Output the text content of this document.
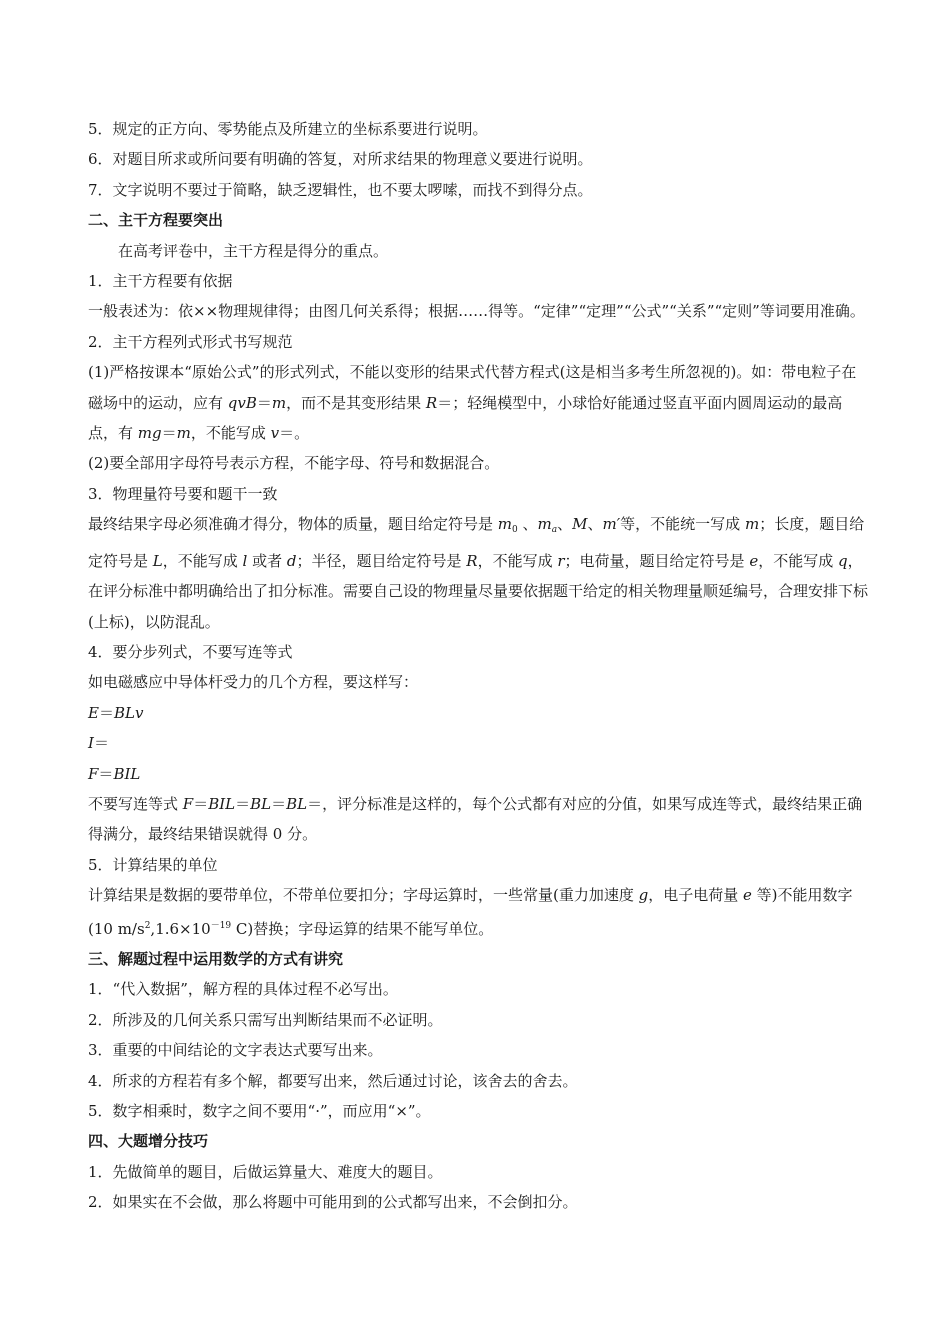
5．规定的正方向、零势能点及所建立的坐标系要进行说明。

6．对题目所求或所问要有明确的答复，对所求结果的物理意义要进行说明。

7．文字说明不要过于简略，缺乏逻辑性，也不要太啰嗦，而找不到得分点。

二、主干方程要突出

在高考评卷中，主干方程是得分的重点。

1．主干方程要有依据

一般表述为：依××物理规律得；由图几何关系得；根据……得等。“定律”“定理”“公式”“关系”“定则”等词要用准确。

2．主干方程列式形式书写规范

(1)严格按课本“原始公式”的形式列式，不能以变形的结果式代替方程式(这是相当多考生所忽视的)。如：带电粒子在磁场中的运动，应有 qvB＝m，而不是其变形结果 R＝；轻绳模型中，小球恰好能通过竖直平面内圆周运动的最高点，有 mg＝m，不能写成 v＝。

(2)要全部用字母符号表示方程，不能字母、符号和数据混合。

3．物理量符号要和题干一致

最终结果字母必须准确才得分，物体的质量，题目给定符号是 $m_0$ 、$m_a$、M、m′等，不能统一写成 m；长度，题目给定符号是 L，不能写成 l 或者 d；半径，题目给定符号是 R，不能写成 r；电荷量，题目给定符号是 e，不能写成 q，在评分标准中都明确给出了扣分标准。需要自己设的物理量尽量要依据题干给定的相关物理量顺延编号，合理安排下标(上标)，以防混乱。

4．要分步列式，不要写连等式

如电磁感应中导体杆受力的几个方程，要这样写：

E＝BLv

I＝

F＝BIL

不要写连等式 F＝BIL＝BL＝BL＝，评分标准是这样的，每个公式都有对应的分值，如果写成连等式，最终结果正确得满分，最终结果错误就得 0 分。

5．计算结果的单位

计算结果是数据的要带单位，不带单位要扣分；字母运算时，一些常量(重力加速度 g，电子电荷量 e 等)不能用数字(10 $m/s^2,1.6\times 10^{-19}$ C)替换；字母运算的结果不能写单位。

三、解题过程中运用数学的方式有讲究

1．“代入数据”，解方程的具体过程不必写出。

2．所涉及的几何关系只需写出判断结果而不必证明。

3．重要的中间结论的文字表达式要写出来。

4．所求的方程若有多个解，都要写出来，然后通过讨论，该舍去的舍去。

5．数字相乘时，数字之间不要用“·”，而应用“×”。

四、大题增分技巧

1．先做简单的题目，后做运算量大、难度大的题目。

2．如果实在不会做，那么将题中可能用到的公式都写出来，不会倒扣分。
